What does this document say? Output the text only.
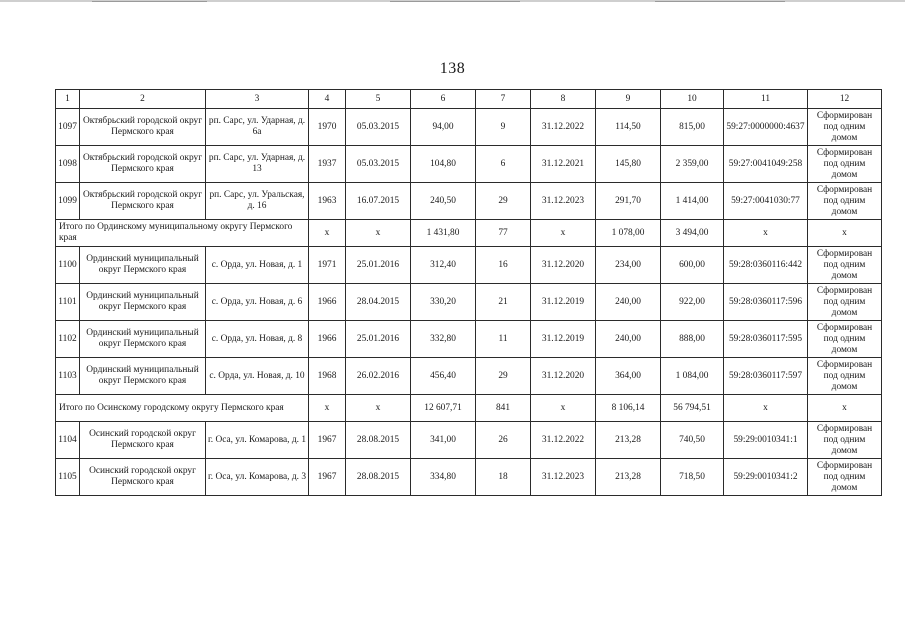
138
1	2	3	4	5	6	7	8	9	10	11	12
1097	Октябрьский городской округ Пермского края	рп. Сарс, ул. Ударная, д. 6а	1970	05.03.2015	94,00	9	31.12.2022	114,50	815,00	59:27:0000000:4637	Сформирован под одним домом
1098	Октябрьский городской округ Пермского края	рп. Сарс, ул. Ударная, д. 13	1937	05.03.2015	104,80	6	31.12.2021	145,80	2 359,00	59:27:0041049:258	Сформирован под одним домом
1099	Октябрьский городской округ Пермского края	рп. Сарс, ул. Уральская, д. 16	1963	16.07.2015	240,50	29	31.12.2023	291,70	1 414,00	59:27:0041030:77	Сформирован под одним домом
Итого по Ординскому муниципальному округу Пермского края			x	x	1 431,80	77	x	1 078,00	3 494,00	x	x
1100	Ординский муниципальный округ Пермского края	с. Орда, ул. Новая, д. 1	1971	25.01.2016	312,40	16	31.12.2020	234,00	600,00	59:28:0360116:442	Сформирован под одним домом
1101	Ординский муниципальный округ Пермского края	с. Орда, ул. Новая, д. 6	1966	28.04.2015	330,20	21	31.12.2019	240,00	922,00	59:28:0360117:596	Сформирован под одним домом
1102	Ординский муниципальный округ Пермского края	с. Орда, ул. Новая, д. 8	1966	25.01.2016	332,80	11	31.12.2019	240,00	888,00	59:28:0360117:595	Сформирован под одним домом
1103	Ординский муниципальный округ Пермского края	с. Орда, ул. Новая, д. 10	1968	26.02.2016	456,40	29	31.12.2020	364,00	1 084,00	59:28:0360117:597	Сформирован под одним домом
Итого по Осинскому городскому округу Пермского края			x	x	12 607,71	841	x	8 106,14	56 794,51	x	x
1104	Осинский городской округ Пермского края	г. Оса, ул. Комарова, д. 1	1967	28.08.2015	341,00	26	31.12.2022	213,28	740,50	59:29:0010341:1	Сформирован под одним домом
1105	Осинский городской округ Пермского края	г. Оса, ул. Комарова, д. 3	1967	28.08.2015	334,80	18	31.12.2023	213,28	718,50	59:29:0010341:2	Сформирован под одним домом
